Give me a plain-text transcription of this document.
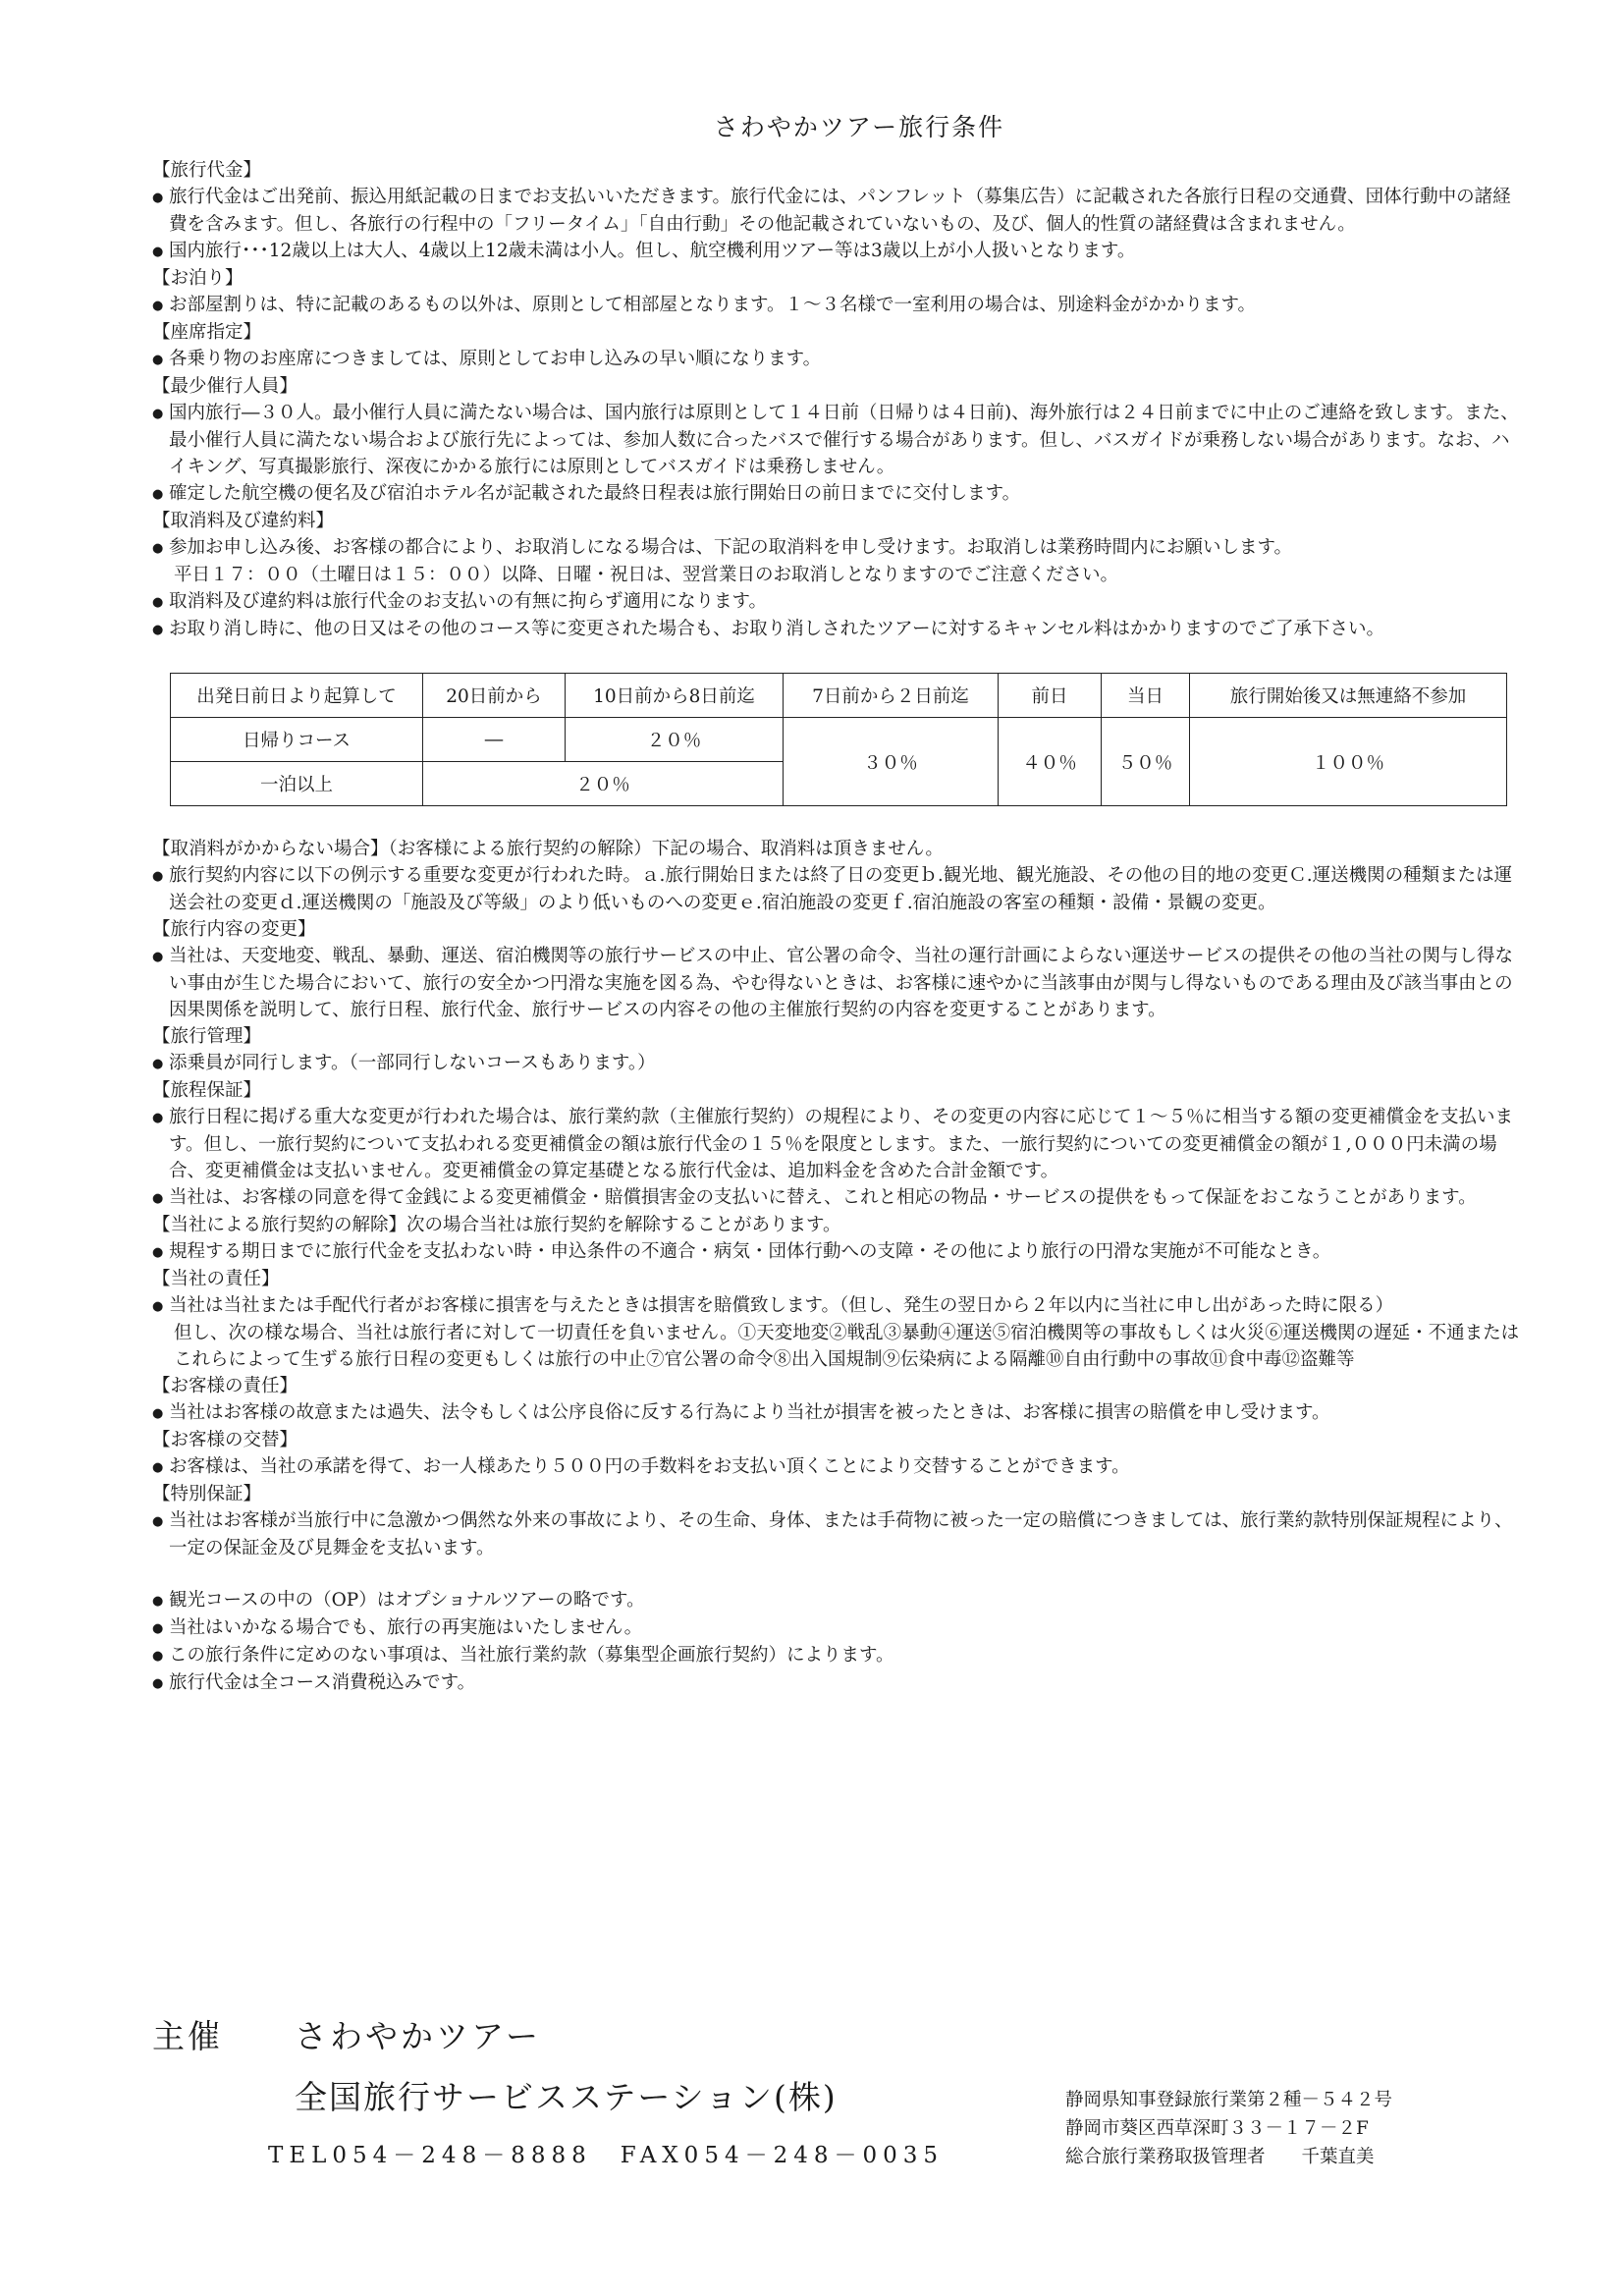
さわやかツアー旅行条件
【旅行代金】
● 旅行代金はご出発前、振込用紙記載の日までお支払いいただきます。旅行代金には、パンフレット（募集広告）に記載された各旅行日程の交通費、団体行動中の諸経費を含みます。但し、各旅行の行程中の「フリータイム」「自由行動」その他記載されていないもの、及び、個人的性質の諸経費は含まれません。
● 国内旅行･･･12歳以上は大人、4歳以上12歳未満は小人。但し、航空機利用ツアー等は3歳以上が小人扱いとなります。
【お泊り】
● お部屋割りは、特に記載のあるもの以外は、原則として相部屋となります。１～３名様で一室利用の場合は、別途料金がかかります。
【座席指定】
● 各乗り物のお座席につきましては、原則としてお申し込みの早い順になります。
【最少催行人員】
● 国内旅行―３０人。最小催行人員に満たない場合は、国内旅行は原則として１４日前（日帰りは４日前)、海外旅行は２４日前までに中止のご連絡を致します。また、最小催行人員に満たない場合および旅行先によっては、参加人数に合ったバスで催行する場合があります。但し、バスガイドが乗務しない場合があります。なお、ハイキング、写真撮影旅行、深夜にかかる旅行には原則としてバスガイドは乗務しません。
● 確定した航空機の便名及び宿泊ホテル名が記載された最終日程表は旅行開始日の前日までに交付します。
【取消料及び違約料】
● 参加お申し込み後、お客様の都合により、お取消しになる場合は、下記の取消料を申し受けます。お取消しは業務時間内にお願いします。
平日１７：００（土曜日は１５：００）以降、日曜・祝日は、翌営業日のお取消しとなりますのでご注意ください。
● 取消料及び違約料は旅行代金のお支払いの有無に拘らず適用になります。
● お取り消し時に、他の日又はその他のコース等に変更された場合も、お取り消しされたツアーに対するキャンセル料はかかりますのでご了承下さい。
出発日前日より起算して	20日前から	10日前から8日前迄	7日前から２日前迄	前日	当日	旅行開始後又は無連絡不参加
日帰りコース	―	２０％	３０％	４０％	５０％	１００％
一泊以上	２０％					
【取消料がかからない場合】（お客様による旅行契約の解除）下記の場合、取消料は頂きません。
● 旅行契約内容に以下の例示する重要な変更が行われた時。ａ.旅行開始日または終了日の変更ｂ.観光地、観光施設、その他の目的地の変更Ｃ.運送機関の種類または運送会社の変更ｄ.運送機関の「施設及び等級」のより低いものへの変更ｅ.宿泊施設の変更ｆ.宿泊施設の客室の種類・設備・景観の変更。
【旅行内容の変更】
● 当社は、天変地変、戦乱、暴動、運送、宿泊機関等の旅行サービスの中止、官公署の命令、当社の運行計画によらない運送サービスの提供その他の当社の関与し得ない事由が生じた場合において、旅行の安全かつ円滑な実施を図る為、やむ得ないときは、お客様に速やかに当該事由が関与し得ないものである理由及び該当事由との因果関係を説明して、旅行日程、旅行代金、旅行サービスの内容その他の主催旅行契約の内容を変更することがあります。
【旅行管理】
● 添乗員が同行します。（一部同行しないコースもあります。）
【旅程保証】
● 旅行日程に掲げる重大な変更が行われた場合は、旅行業約款（主催旅行契約）の規程により、その変更の内容に応じて１～５％に相当する額の変更補償金を支払います。但し、一旅行契約について支払われる変更補償金の額は旅行代金の１５％を限度とします。また、一旅行契約についての変更補償金の額が１,０００円未満の場合、変更補償金は支払いません。変更補償金の算定基礎となる旅行代金は、追加料金を含めた合計金額です。
● 当社は、お客様の同意を得て金銭による変更補償金・賠償損害金の支払いに替え、これと相応の物品・サービスの提供をもって保証をおこなうことがあります。
【当社による旅行契約の解除】次の場合当社は旅行契約を解除することがあります。
● 規程する期日までに旅行代金を支払わない時・申込条件の不適合・病気・団体行動への支障・その他により旅行の円滑な実施が不可能なとき。
【当社の責任】
● 当社は当社または手配代行者がお客様に損害を与えたときは損害を賠償致します。（但し、発生の翌日から２年以内に当社に申し出があった時に限る）
但し、次の様な場合、当社は旅行者に対して一切責任を負いません。①天変地変②戦乱③暴動④運送⑤宿泊機関等の事故もしくは火災⑥運送機関の遅延・不通またはこれらによって生ずる旅行日程の変更もしくは旅行の中止⑦官公署の命令⑧出入国規制⑨伝染病による隔離⑩自由行動中の事故⑪食中毒⑫盗難等
【お客様の責任】
● 当社はお客様の故意または過失、法令もしくは公序良俗に反する行為により当社が損害を被ったときは、お客様に損害の賠償を申し受けます。
【お客様の交替】
● お客様は、当社の承諾を得て、お一人様あたり５００円の手数料をお支払い頂くことにより交替することができます。
【特別保証】
● 当社はお客様が当旅行中に急激かつ偶然な外来の事故により、その生命、身体、または手荷物に被った一定の賠償につきましては、旅行業約款特別保証規程により、一定の保証金及び見舞金を支払います。
● 観光コースの中の（OP）はオプショナルツアーの略です。
● 当社はいかなる場合でも、旅行の再実施はいたしません。
● この旅行条件に定めのない事項は、当社旅行業約款（募集型企画旅行契約）によります。
● 旅行代金は全コース消費税込みです。
主催 さわやかツアー
全国旅行サービスステーション(株)
TEL054－248－8888　FAX054－248－0035
静岡県知事登録旅行業第２種－５４２号
静岡市葵区西草深町３３－１７－２F
総合旅行業務取扱管理者　　千葉直美
